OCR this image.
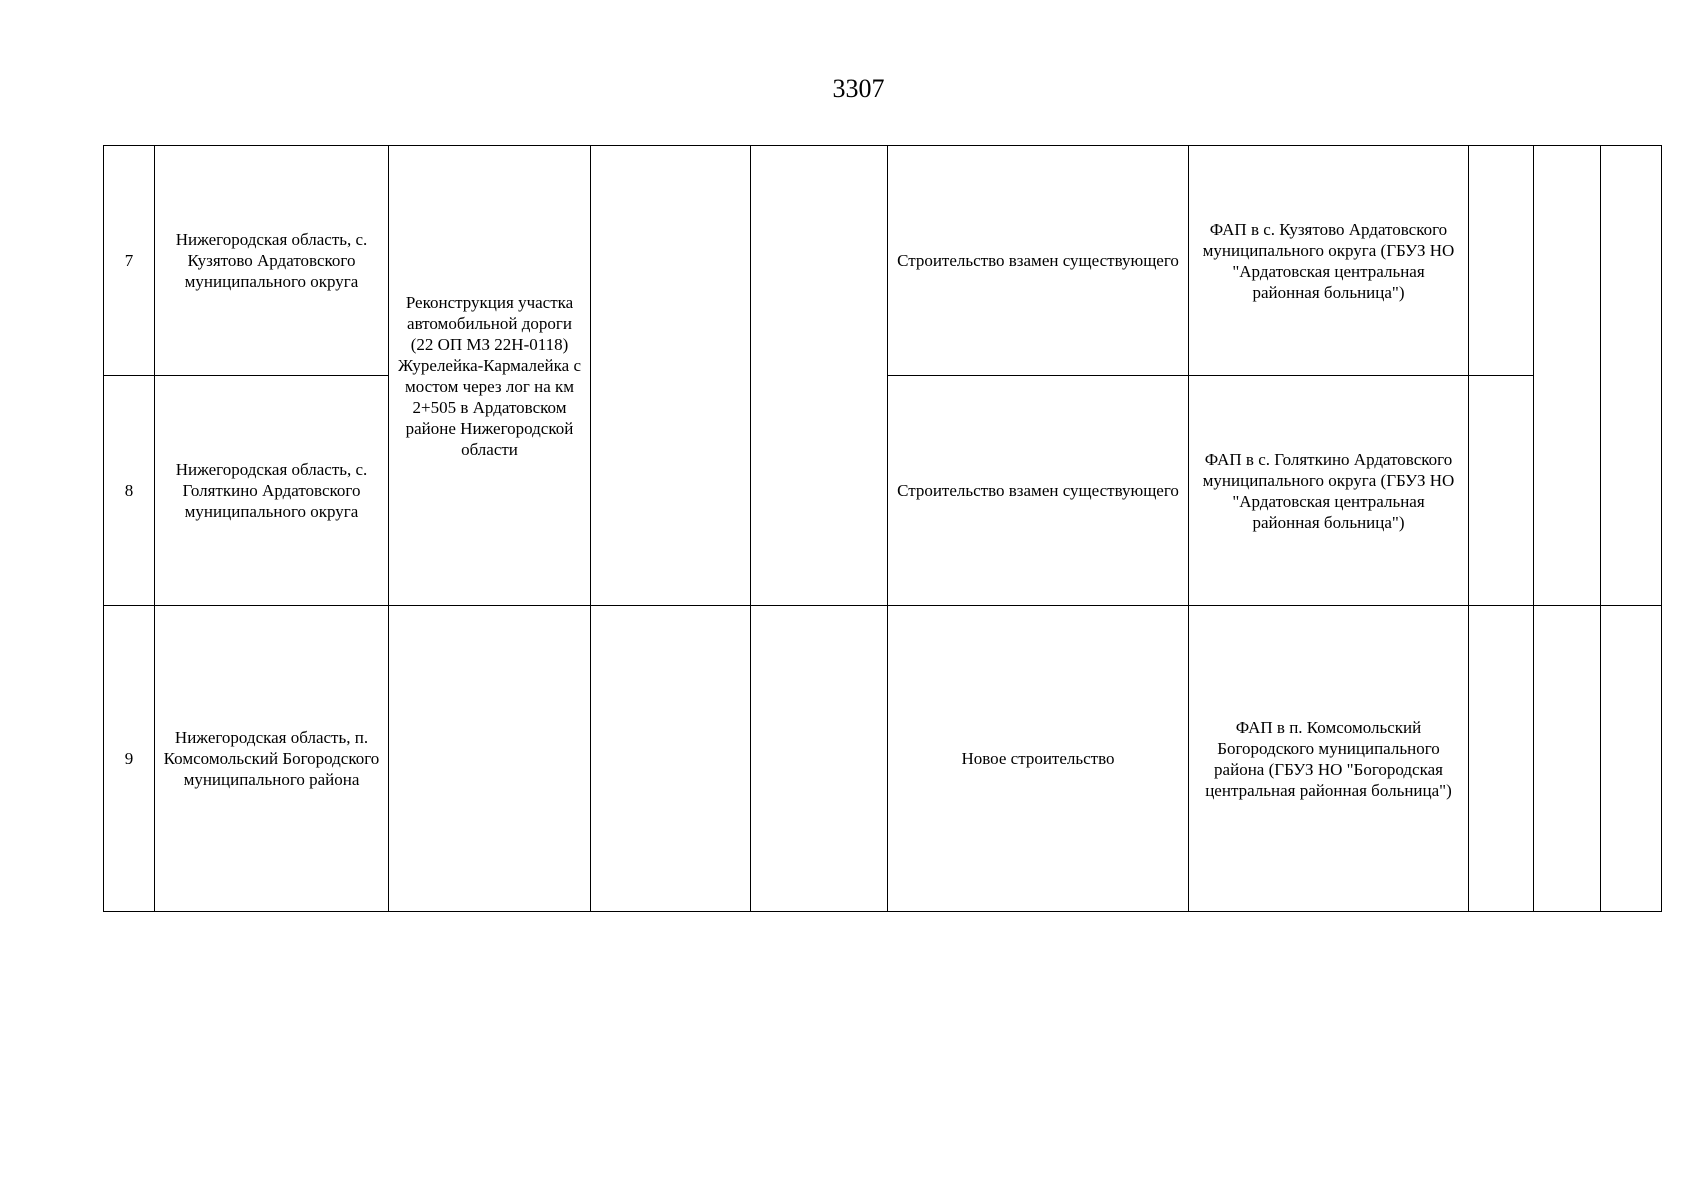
3307
7	Нижегородская область, с. Кузятово Ардатовского муниципального округа	Реконструкция участка автомобильной дороги (22 ОП МЗ 22Н-0118) Журелейка-Кармалейка с мостом через лог на км 2+505 в Ардатовском районе Нижегородской области			Строительство взамен существующего	ФАП в с. Кузятово Ардатовского муниципального округа (ГБУЗ НО "Ардатовская центральная районная больница")			
8	Нижегородская область, с. Голяткино Ардатовского муниципального округа				Строительство взамен существующего	ФАП в с. Голяткино Ардатовского муниципального округа (ГБУЗ НО "Ардатовская центральная районная больница")			
9	Нижегородская область, п. Комсомольский Богородского муниципального района				Новое строительство	ФАП в п. Комсомольский Богородского муниципального района (ГБУЗ НО "Богородская центральная районная больница")			
